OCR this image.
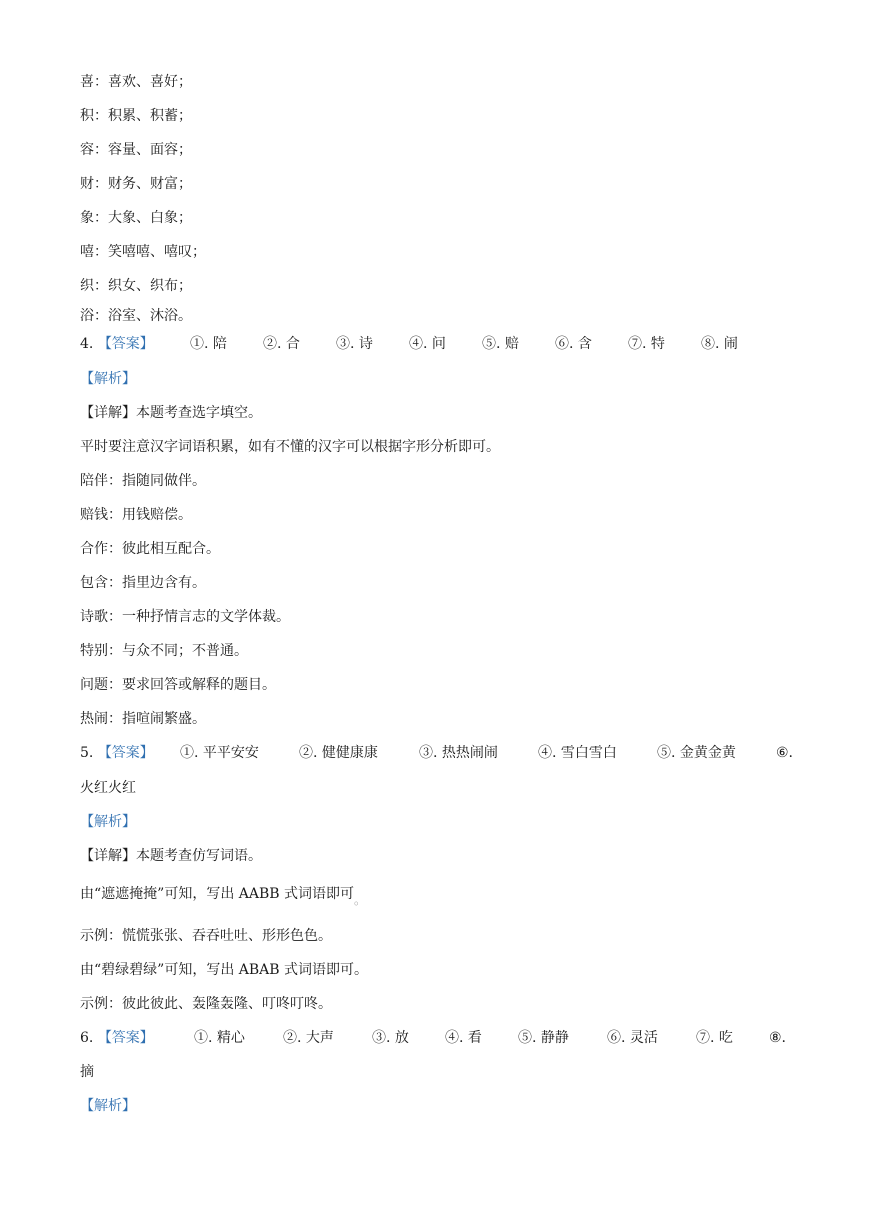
喜：喜欢、喜好；
积：积累、积蓄；
容：容量、面容；
财：财务、财富；
象：大象、白象；
嘻：笑嘻嘻、嘻叹；
织：织女、织布；
浴：浴室、沐浴。
4. 【答案】	①. 陪	②. 合	③. 诗	④. 问	⑤. 赔	⑥. 含	⑦. 特	⑧. 闹
【解析】
【详解】本题考查选字填空。
平时要注意汉字词语积累，如有不懂的汉字可以根据字形分析即可。
陪伴：指随同做伴。
赔钱：用钱赔偿。
合作：彼此相互配合。
包含：指里边含有。
诗歌：一种抒情言志的文学体裁。
特别：与众不同；不普通。
问题：要求回答或解释的题目。
热闹：指喧闹繁盛。
5. 【答案】 ①. 平平安安	②. 健健康康	③. 热热闹闹	④. 雪白雪白	⑤. 金黄金黄	⑥.
火红火红
【解析】
【详解】本题考查仿写词语。
由“遮遮掩掩”可知，写出 AABB 式词语即可。
示例：慌慌张张、吞吞吐吐、形形色色。
由“碧绿碧绿”可知，写出 ABAB 式词语即可。
示例：彼此彼此、轰隆轰隆、叮咚叮咚。
6. 【答案】	①. 精心	②. 大声	③. 放	④. 看	⑤. 静静	⑥. 灵活	⑦. 吃	⑧.
摘
【解析】
